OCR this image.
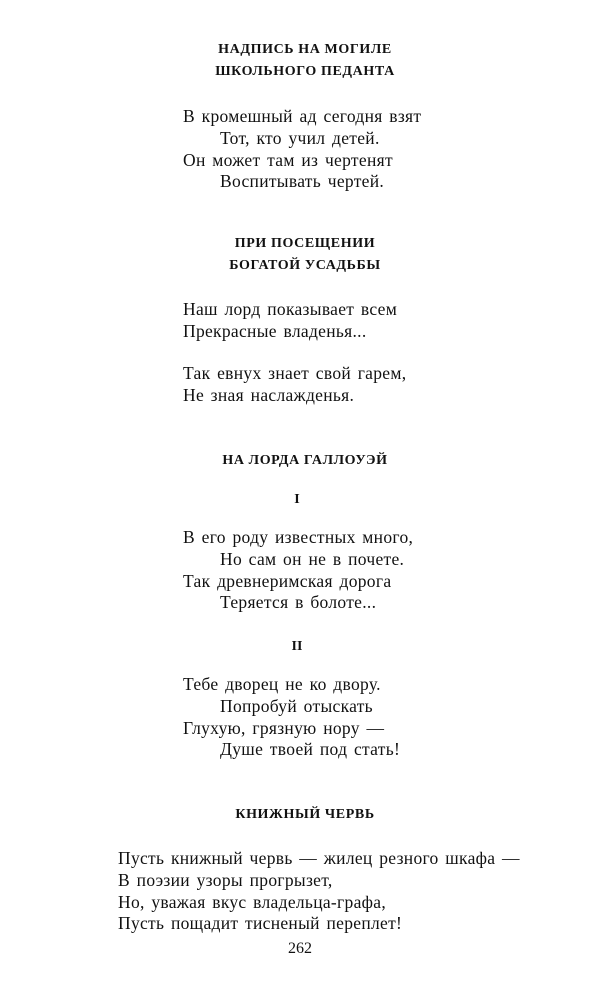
НАДПИСЬ НА МОГИЛЕ
ШКОЛЬНОГО ПЕДАНТА
В кромешный ад сегодня взят
Тот, кто учил детей.
Он может там из чертенят
Воспитывать чертей.
ПРИ ПОСЕЩЕНИИ
БОГАТОЙ УСАДЬБЫ
Наш лорд показывает всем
Прекрасные владенья...
Так евнух знает свой гарем,
Не зная наслажденья.
НА ЛОРДА ГАЛЛОУЭЙ
I
В его роду известных много,
Но сам он не в почете.
Так древнеримская дорога
Теряется в болоте...
II
Тебе дворец не ко двору.
Попробуй отыскать
Глухую, грязную нору —
Душе твоей под стать!
КНИЖНЫЙ ЧЕРВЬ
Пусть книжный червь — жилец резного шкафа —
В поэзии узоры прогрызет,
Но, уважая вкус владельца-графа,
Пусть пощадит тисненый переплет!
262
